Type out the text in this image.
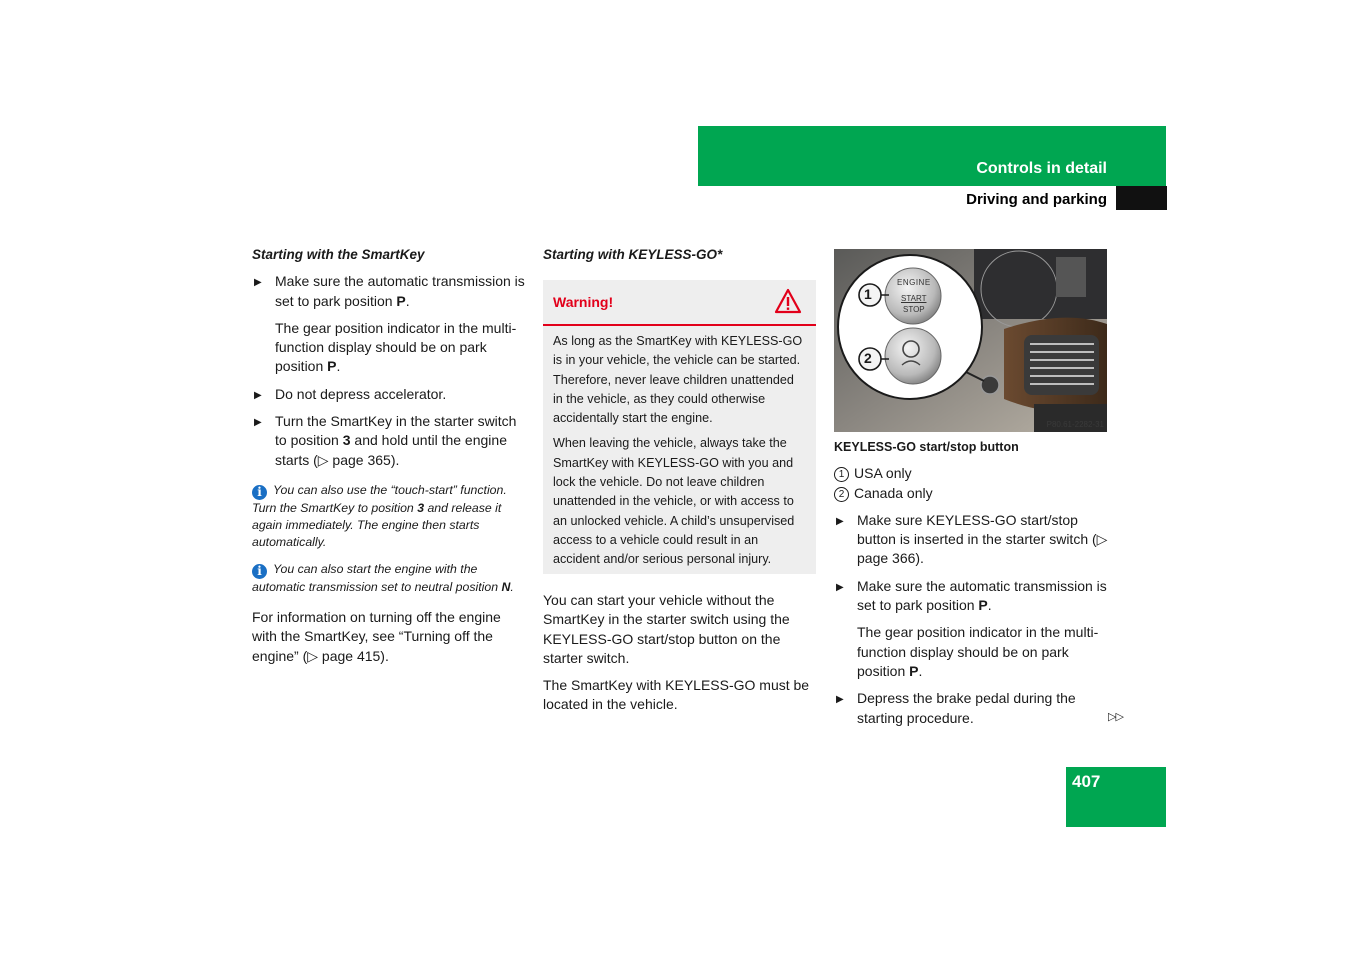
Controls in detail
Driving and parking
Starting with the SmartKey
▶ Make sure the automatic transmission is set to park position P.
The gear position indicator in the multi-function display should be on park position P.
▶ Do not depress accelerator.
▶ Turn the SmartKey in the starter switch to position 3 and hold until the engine starts (▷ page 365).
i You can also use the “touch-start” function. Turn the SmartKey to position 3 and release it again immediately. The engine then starts automatically.
i You can also start the engine with the automatic transmission set to neutral position N.

For information on turning off the engine with the SmartKey, see “Turning off the engine” (▷ page 415).

Starting with KEYLESS-GO*
Warning!

As long as the SmartKey with KEYLESS-GO is in your vehicle, the vehicle can be started. Therefore, never leave children unattended in the vehicle, as they could otherwise accidentally start the engine.

When leaving the vehicle, always take the SmartKey with KEYLESS-GO with you and lock the vehicle. Do not leave children unattended in the vehicle, or with access to an unlocked vehicle. A child’s unsupervised access to a vehicle could result in an accident and/or serious personal injury.

You can start your vehicle without the SmartKey in the starter switch using the KEYLESS-GO start/stop button on the starter switch.

The SmartKey with KEYLESS-GO must be located in the vehicle.

ENGINE
START
STOP
1
2
P80.61-2282-31
KEYLESS-GO start/stop button
1 USA only
2 Canada only
▶ Make sure KEYLESS-GO start/stop button is inserted in the starter switch (▷ page 366).
▶ Make sure the automatic transmission is set to park position P.
The gear position indicator in the multi-function display should be on park position P.
▶ Depress the brake pedal during the starting procedure.	▷▷
407
